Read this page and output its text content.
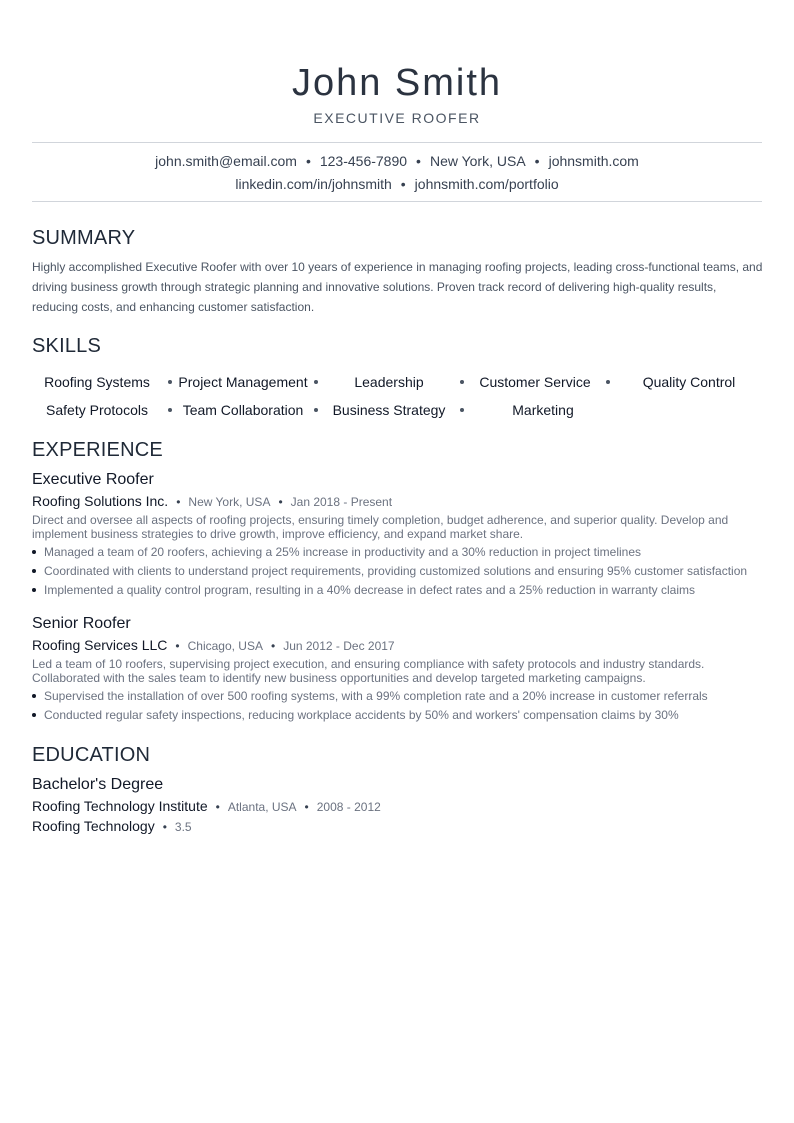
John Smith
EXECUTIVE ROOFER
john.smith@email.com • 123-456-7890 • New York, USA • johnsmith.com
linkedin.com/in/johnsmith • johnsmith.com/portfolio
SUMMARY
Highly accomplished Executive Roofer with over 10 years of experience in managing roofing projects, leading cross-functional teams, and driving business growth through strategic planning and innovative solutions. Proven track record of delivering high-quality results, reducing costs, and enhancing customer satisfaction.
SKILLS
Roofing Systems	Project Management	Leadership	Customer Service	Quality Control
Safety Protocols	Team Collaboration	Business Strategy	Marketing
EXPERIENCE
Executive Roofer
Roofing Solutions Inc. • New York, USA • Jan 2018 - Present
Direct and oversee all aspects of roofing projects, ensuring timely completion, budget adherence, and superior quality. Develop and implement business strategies to drive growth, improve efficiency, and expand market share.
Managed a team of 20 roofers, achieving a 25% increase in productivity and a 30% reduction in project timelines
Coordinated with clients to understand project requirements, providing customized solutions and ensuring 95% customer satisfaction
Implemented a quality control program, resulting in a 40% decrease in defect rates and a 25% reduction in warranty claims
Senior Roofer
Roofing Services LLC • Chicago, USA • Jun 2012 - Dec 2017
Led a team of 10 roofers, supervising project execution, and ensuring compliance with safety protocols and industry standards. Collaborated with the sales team to identify new business opportunities and develop targeted marketing campaigns.
Supervised the installation of over 500 roofing systems, with a 99% completion rate and a 20% increase in customer referrals
Conducted regular safety inspections, reducing workplace accidents by 50% and workers' compensation claims by 30%
EDUCATION
Bachelor's Degree
Roofing Technology Institute • Atlanta, USA • 2008 - 2012
Roofing Technology • 3.5
